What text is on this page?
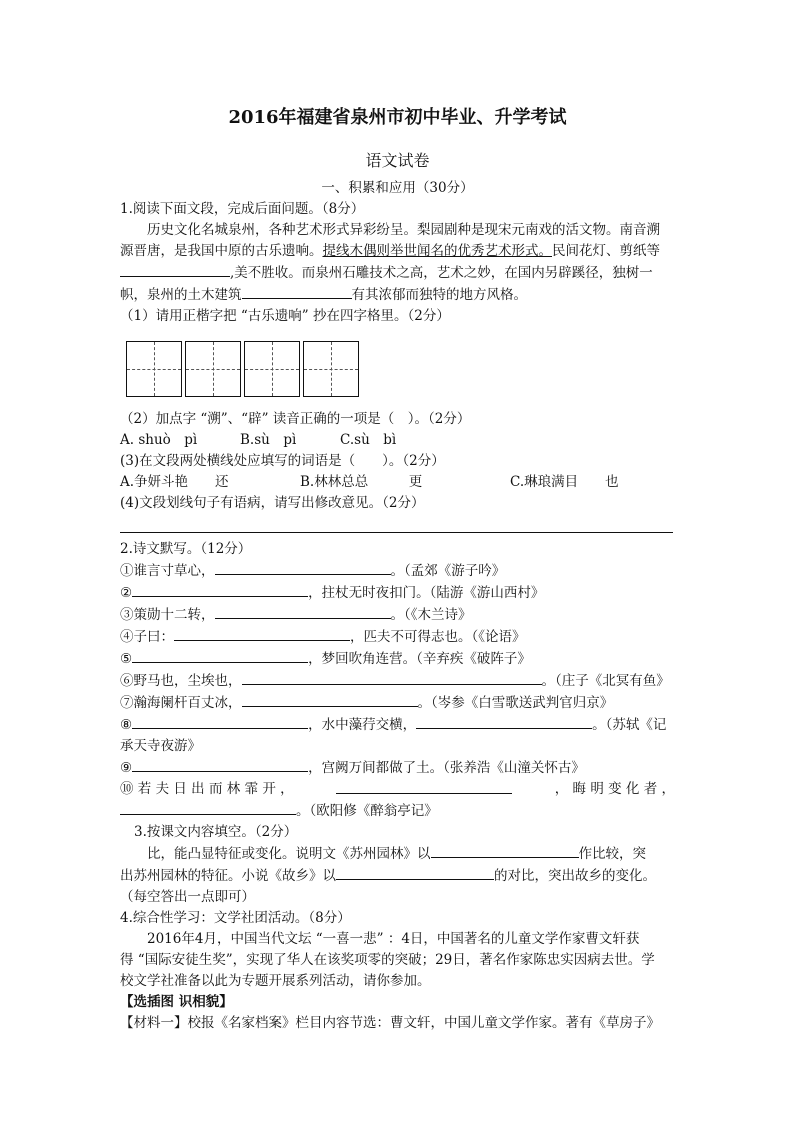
2016年福建省泉州市初中毕业、升学考试
语文试卷
一、积累和应用（30分）
1.阅读下面文段，完成后面问题。（8分）
历史文化名城泉州，各种艺术形式异彩纷呈。梨园剧种是现宋元南戏的活文物。南音溯
源晋唐，是我国中原的古乐遗响。提线木偶则举世闻名的优秀艺术形式。民间花灯、剪纸等
,美不胜收。而泉州石雕技术之高，艺术之妙，在国内另辟蹊径，独树一
帜，泉州的土木建筑	有其浓郁而独特的地方风格。
（1）请用正楷字把 “古乐遗响” 抄在四字格里。（2分）
（2）加点字 “溯”、“辟” 读音正确的一项是（　）。（2分）
A. shuò　pì	B.sù　pì	C.sù　bì
(3)在文段两处横线处应填写的词语是（　　）。（2分）
A.争妍斗艳　　还	B.林林总总　　　更	C.琳琅满目　　也
(4)文段划线句子有语病，请写出修改意见。（2分）
2.诗文默写。（12分）
①谁言寸草心，	。（孟郊《游子吟》
②	，拄杖无时夜扣门。（陆游《游山西村》
③策勋十二转，	。（《木兰诗》
④子曰：	，匹夫不可得志也。（《论语》
⑤	，梦回吹角连营。（辛弃疾《破阵子》
⑥野马也，尘埃也，	。（庄子《北冥有鱼》
⑦瀚海阑杆百丈冰，	。（岑参《白雪歌送武判官归京》
⑧	，水中藻荇交横，	。（苏轼《记
承天寺夜游》
⑨	，宫阙万间都做了土。（张养浩《山潼关怀古》
⑩ 若 夫 日 出 而 林 霏 开 ，	， 晦 明 变 化 者 ，
。（欧阳修《醉翁亭记》
3.按课文内容填空。（2分）
比，能凸显特征或变化。说明文《苏州园林》以	作比较，突
出苏州园林的特征。小说《故乡》以	的对比，突出故乡的变化。
（每空答出一点即可）
4.综合性学习：文学社团活动。（8分）
2016年4月，中国当代文坛 “一喜一悲” ：4日，中国著名的儿童文学作家曹文轩获
得 “国际安徒生奖”，实现了华人在该奖项零的突破；29日，著名作家陈忠实因病去世。学
校文学社准备以此为专题开展系列活动，请你参加。
【选插图 识相貌】
【材料一】校报《名家档案》栏目内容节选：曹文轩，中国儿童文学作家。著有《草房子》
